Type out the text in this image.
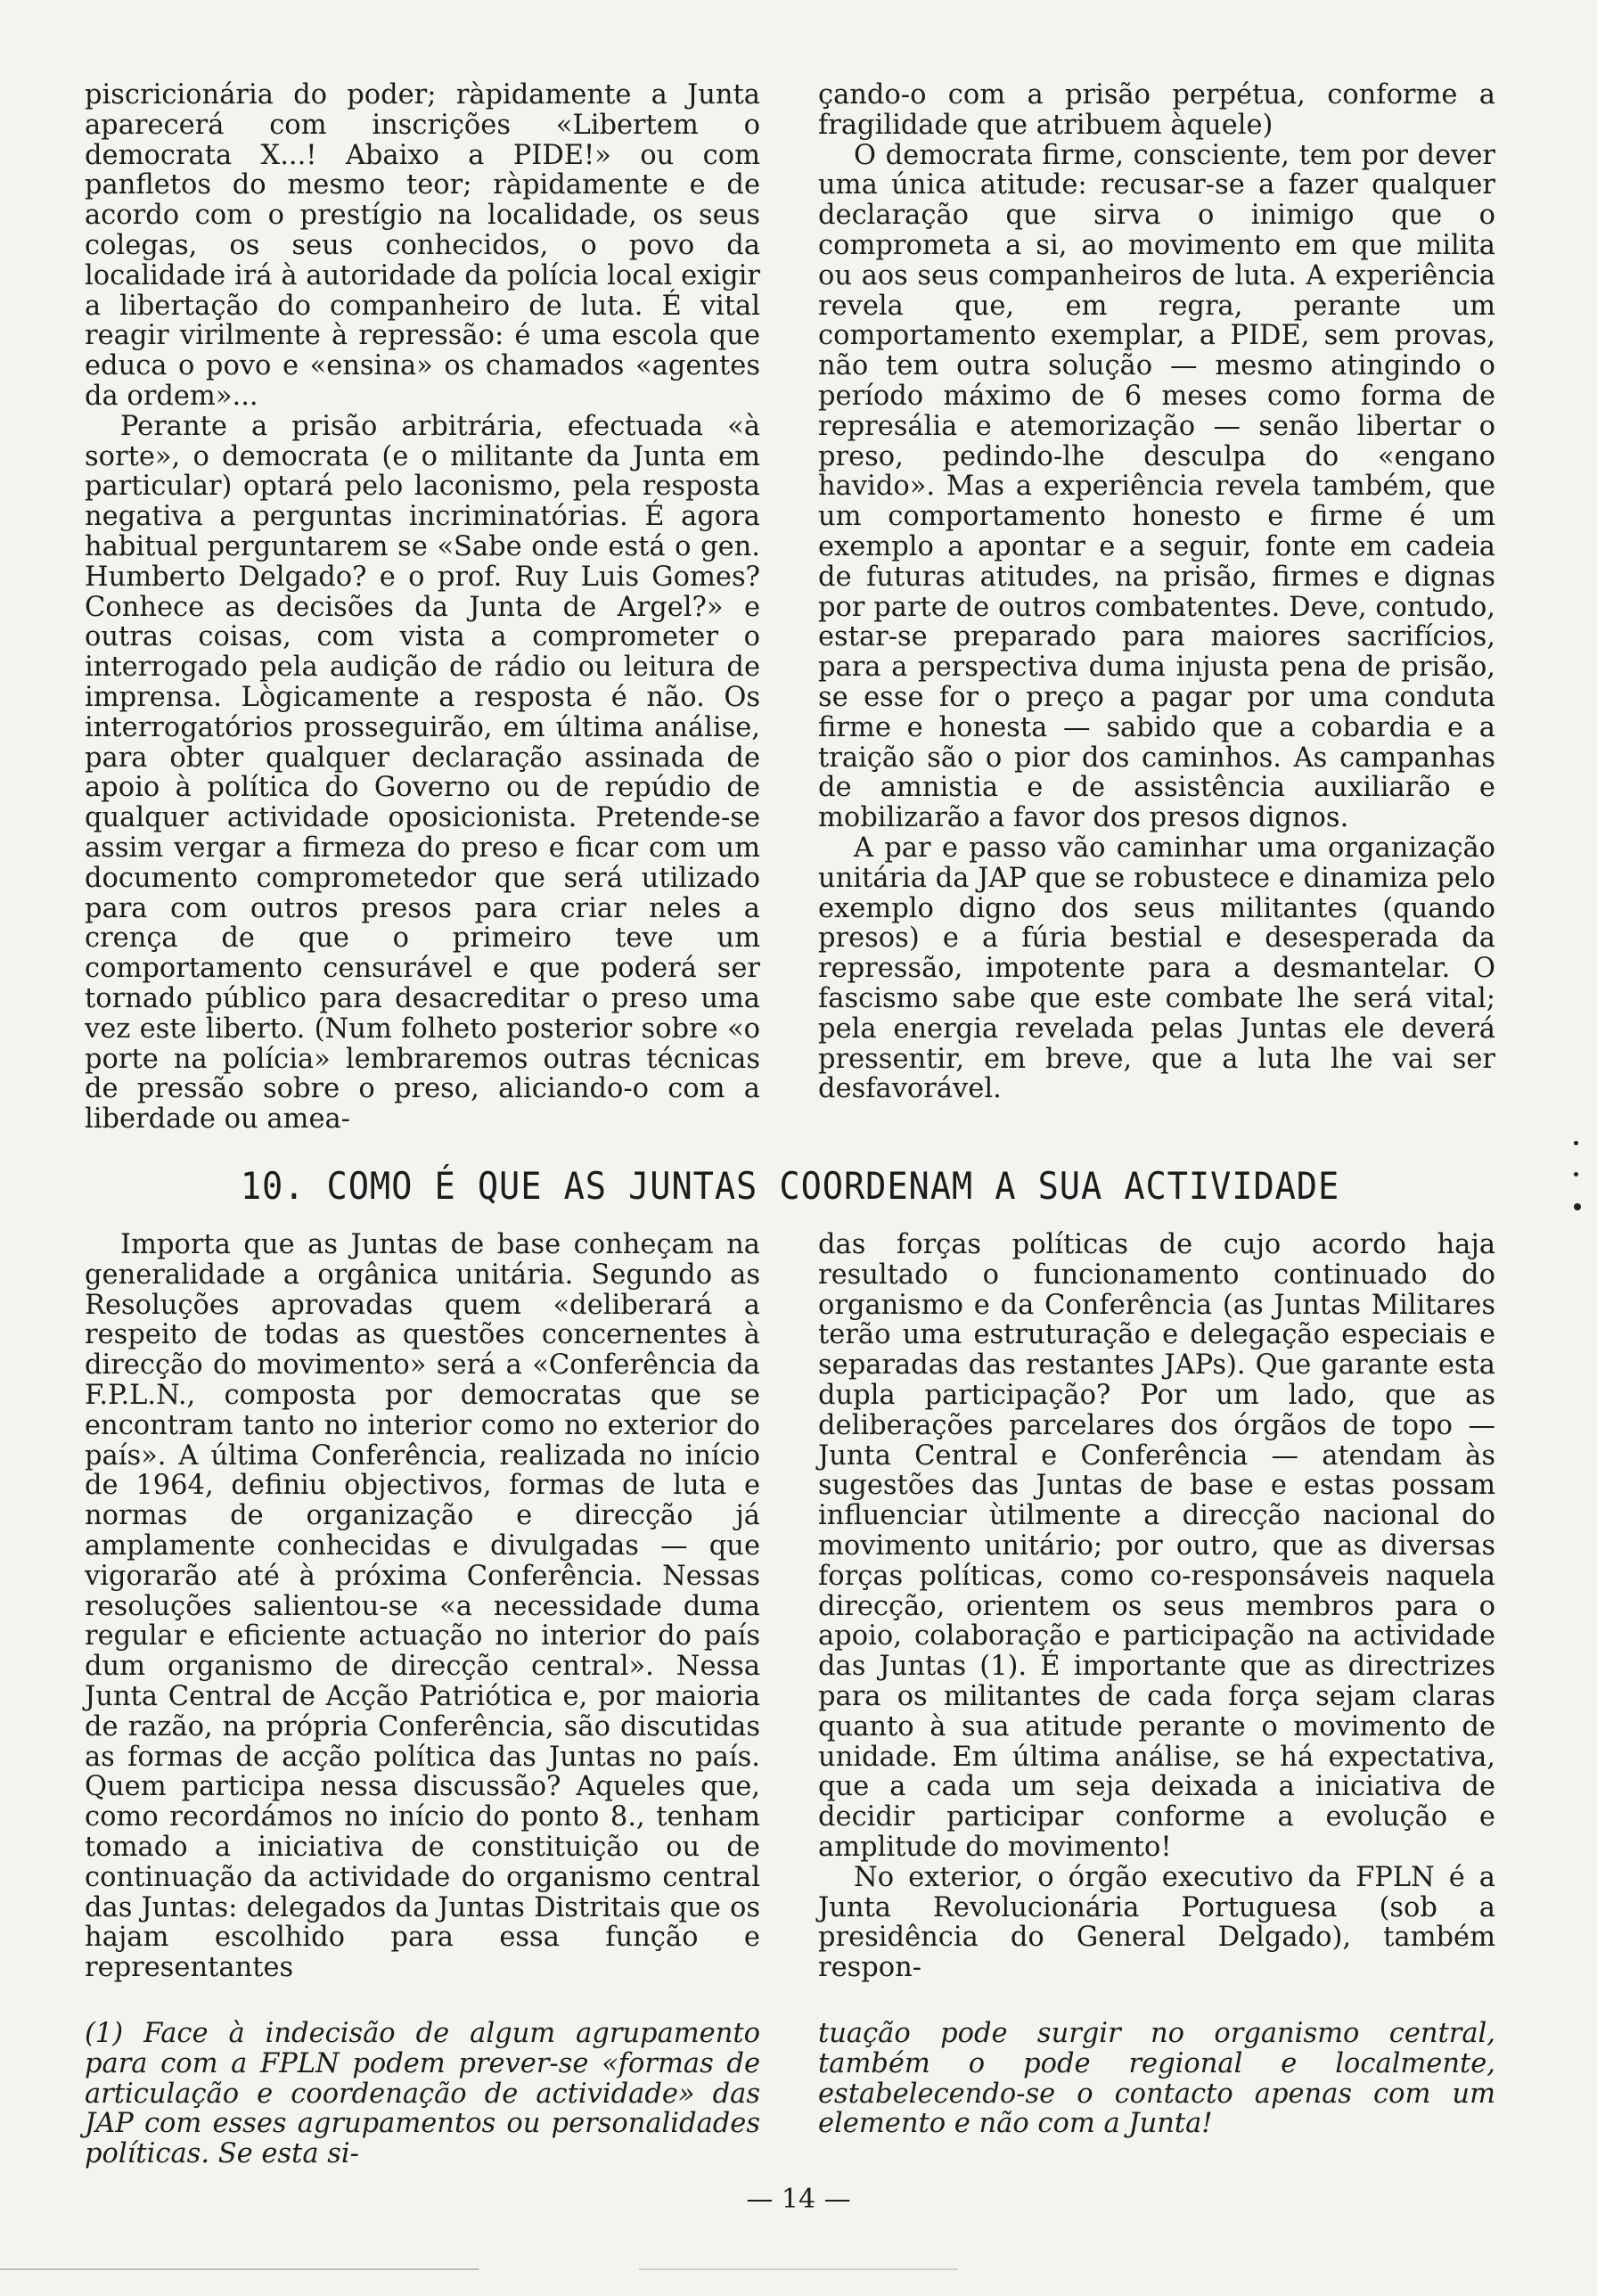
piscricionária do poder; ràpidamente a Junta aparecerá com inscrições «Libertem o democrata X...! Abaixo a PIDE!» ou com panfletos do mesmo teor; ràpidamente e de acordo com o prestígio na localidade, os seus colegas, os seus conhecidos, o povo da localidade irá à autoridade da polícia local exigir a libertação do companheiro de luta. É vital reagir virilmente à repressão: é uma escola que educa o povo e «ensina» os chamados «agentes da ordem»...

Perante a prisão arbitrária, efectuada «à sorte», o democrata (e o militante da Junta em particular) optará pelo laconismo, pela resposta negativa a perguntas incriminatórias. É agora habitual perguntarem se «Sabe onde está o gen. Humberto Delgado? e o prof. Ruy Luis Gomes? Conhece as decisões da Junta de Argel?» e outras coisas, com vista a comprometer o interrogado pela audição de rádio ou leitura de imprensa. Lògicamente a resposta é não. Os interrogatórios prosseguirão, em última análise, para obter qualquer declaração assinada de apoio à política do Governo ou de repúdio de qualquer actividade oposicionista. Pretende-se assim vergar a firmeza do preso e ficar com um documento comprometedor que será utilizado para com outros presos para criar neles a crença de que o primeiro teve um comportamento censurável e que poderá ser tornado público para desacreditar o preso uma vez este liberto. (Num folheto posterior sobre «o porte na polícia» lembraremos outras técnicas de pressão sobre o preso, aliciando-o com a liberdade ou amea-

çando-o com a prisão perpétua, conforme a fragilidade que atribuem àquele)

O democrata firme, consciente, tem por dever uma única atitude: recusar-se a fazer qualquer declaração que sirva o inimigo que o comprometa a si, ao movimento em que milita ou aos seus companheiros de luta. A experiência revela que, em regra, perante um comportamento exemplar, a PIDE, sem provas, não tem outra solução — mesmo atingindo o período máximo de 6 meses como forma de represália e atemorização — senão libertar o preso, pedindo-lhe desculpa do «engano havido». Mas a experiência revela também, que um comportamento honesto e firme é um exemplo a apontar e a seguir, fonte em cadeia de futuras atitudes, na prisão, firmes e dignas por parte de outros combatentes. Deve, contudo, estar-se preparado para maiores sacrifícios, para a perspectiva duma injusta pena de prisão, se esse for o preço a pagar por uma conduta firme e honesta — sabido que a cobardia e a traição são o pior dos caminhos. As campanhas de amnistia e de assistência auxiliarão e mobilizarão a favor dos presos dignos.

A par e passo vão caminhar uma organização unitária da JAP que se robustece e dinamiza pelo exemplo digno dos seus militantes (quando presos) e a fúria bestial e desesperada da repressão, impotente para a desmantelar. O fascismo sabe que este combate lhe será vital; pela energia revelada pelas Juntas ele deverá pressentir, em breve, que a luta lhe vai ser desfavorável.

10. COMO É QUE AS JUNTAS COORDENAM A SUA ACTIVIDADE

Importa que as Juntas de base conheçam na generalidade a orgânica unitária. Segundo as Resoluções aprovadas quem «deliberará a respeito de todas as questões concernentes à direcção do movimento» será a «Conferência da F.P.L.N., composta por democratas que se encontram tanto no interior como no exterior do país». A última Conferência, realizada no início de 1964, definiu objectivos, formas de luta e normas de organização e direcção já amplamente conhecidas e divulgadas — que vigorarão até à próxima Conferência. Nessas resoluções salientou-se «a necessidade duma regular e eficiente actuação no interior do país dum organismo de direcção central». Nessa Junta Central de Acção Patriótica e, por maioria de razão, na própria Conferência, são discutidas as formas de acção política das Juntas no país. Quem participa nessa discussão? Aqueles que, como recordámos no início do ponto 8., tenham tomado a iniciativa de constituição ou de continuação da actividade do organismo central das Juntas: delegados da Juntas Distritais que os hajam escolhido para essa função e representantes

das forças políticas de cujo acordo haja resultado o funcionamento continuado do organismo e da Conferência (as Juntas Militares terão uma estruturação e delegação especiais e separadas das restantes JAPs). Que garante esta dupla participação? Por um lado, que as deliberações parcelares dos órgãos de topo — Junta Central e Conferência — atendam às sugestões das Juntas de base e estas possam influenciar ùtilmente a direcção nacional do movimento unitário; por outro, que as diversas forças políticas, como co-responsáveis naquela direcção, orientem os seus membros para o apoio, colaboração e participação na actividade das Juntas (1). É importante que as directrizes para os militantes de cada força sejam claras quanto à sua atitude perante o movimento de unidade. Em última análise, se há expectativa, que a cada um seja deixada a iniciativa de decidir participar conforme a evolução e amplitude do movimento!

No exterior, o órgão executivo da FPLN é a Junta Revolucionária Portuguesa (sob a presidência do General Delgado), também respon-

(1) Face à indecisão de algum agrupamento para com a FPLN podem prever-se «formas de articulação e coordenação de actividade» das JAP com esses agrupamentos ou personalidades políticas. Se esta si-
tuação pode surgir no organismo central, também o pode regional e localmente, estabelecendo-se o contacto apenas com um elemento e não com a Junta!
— 14 —
